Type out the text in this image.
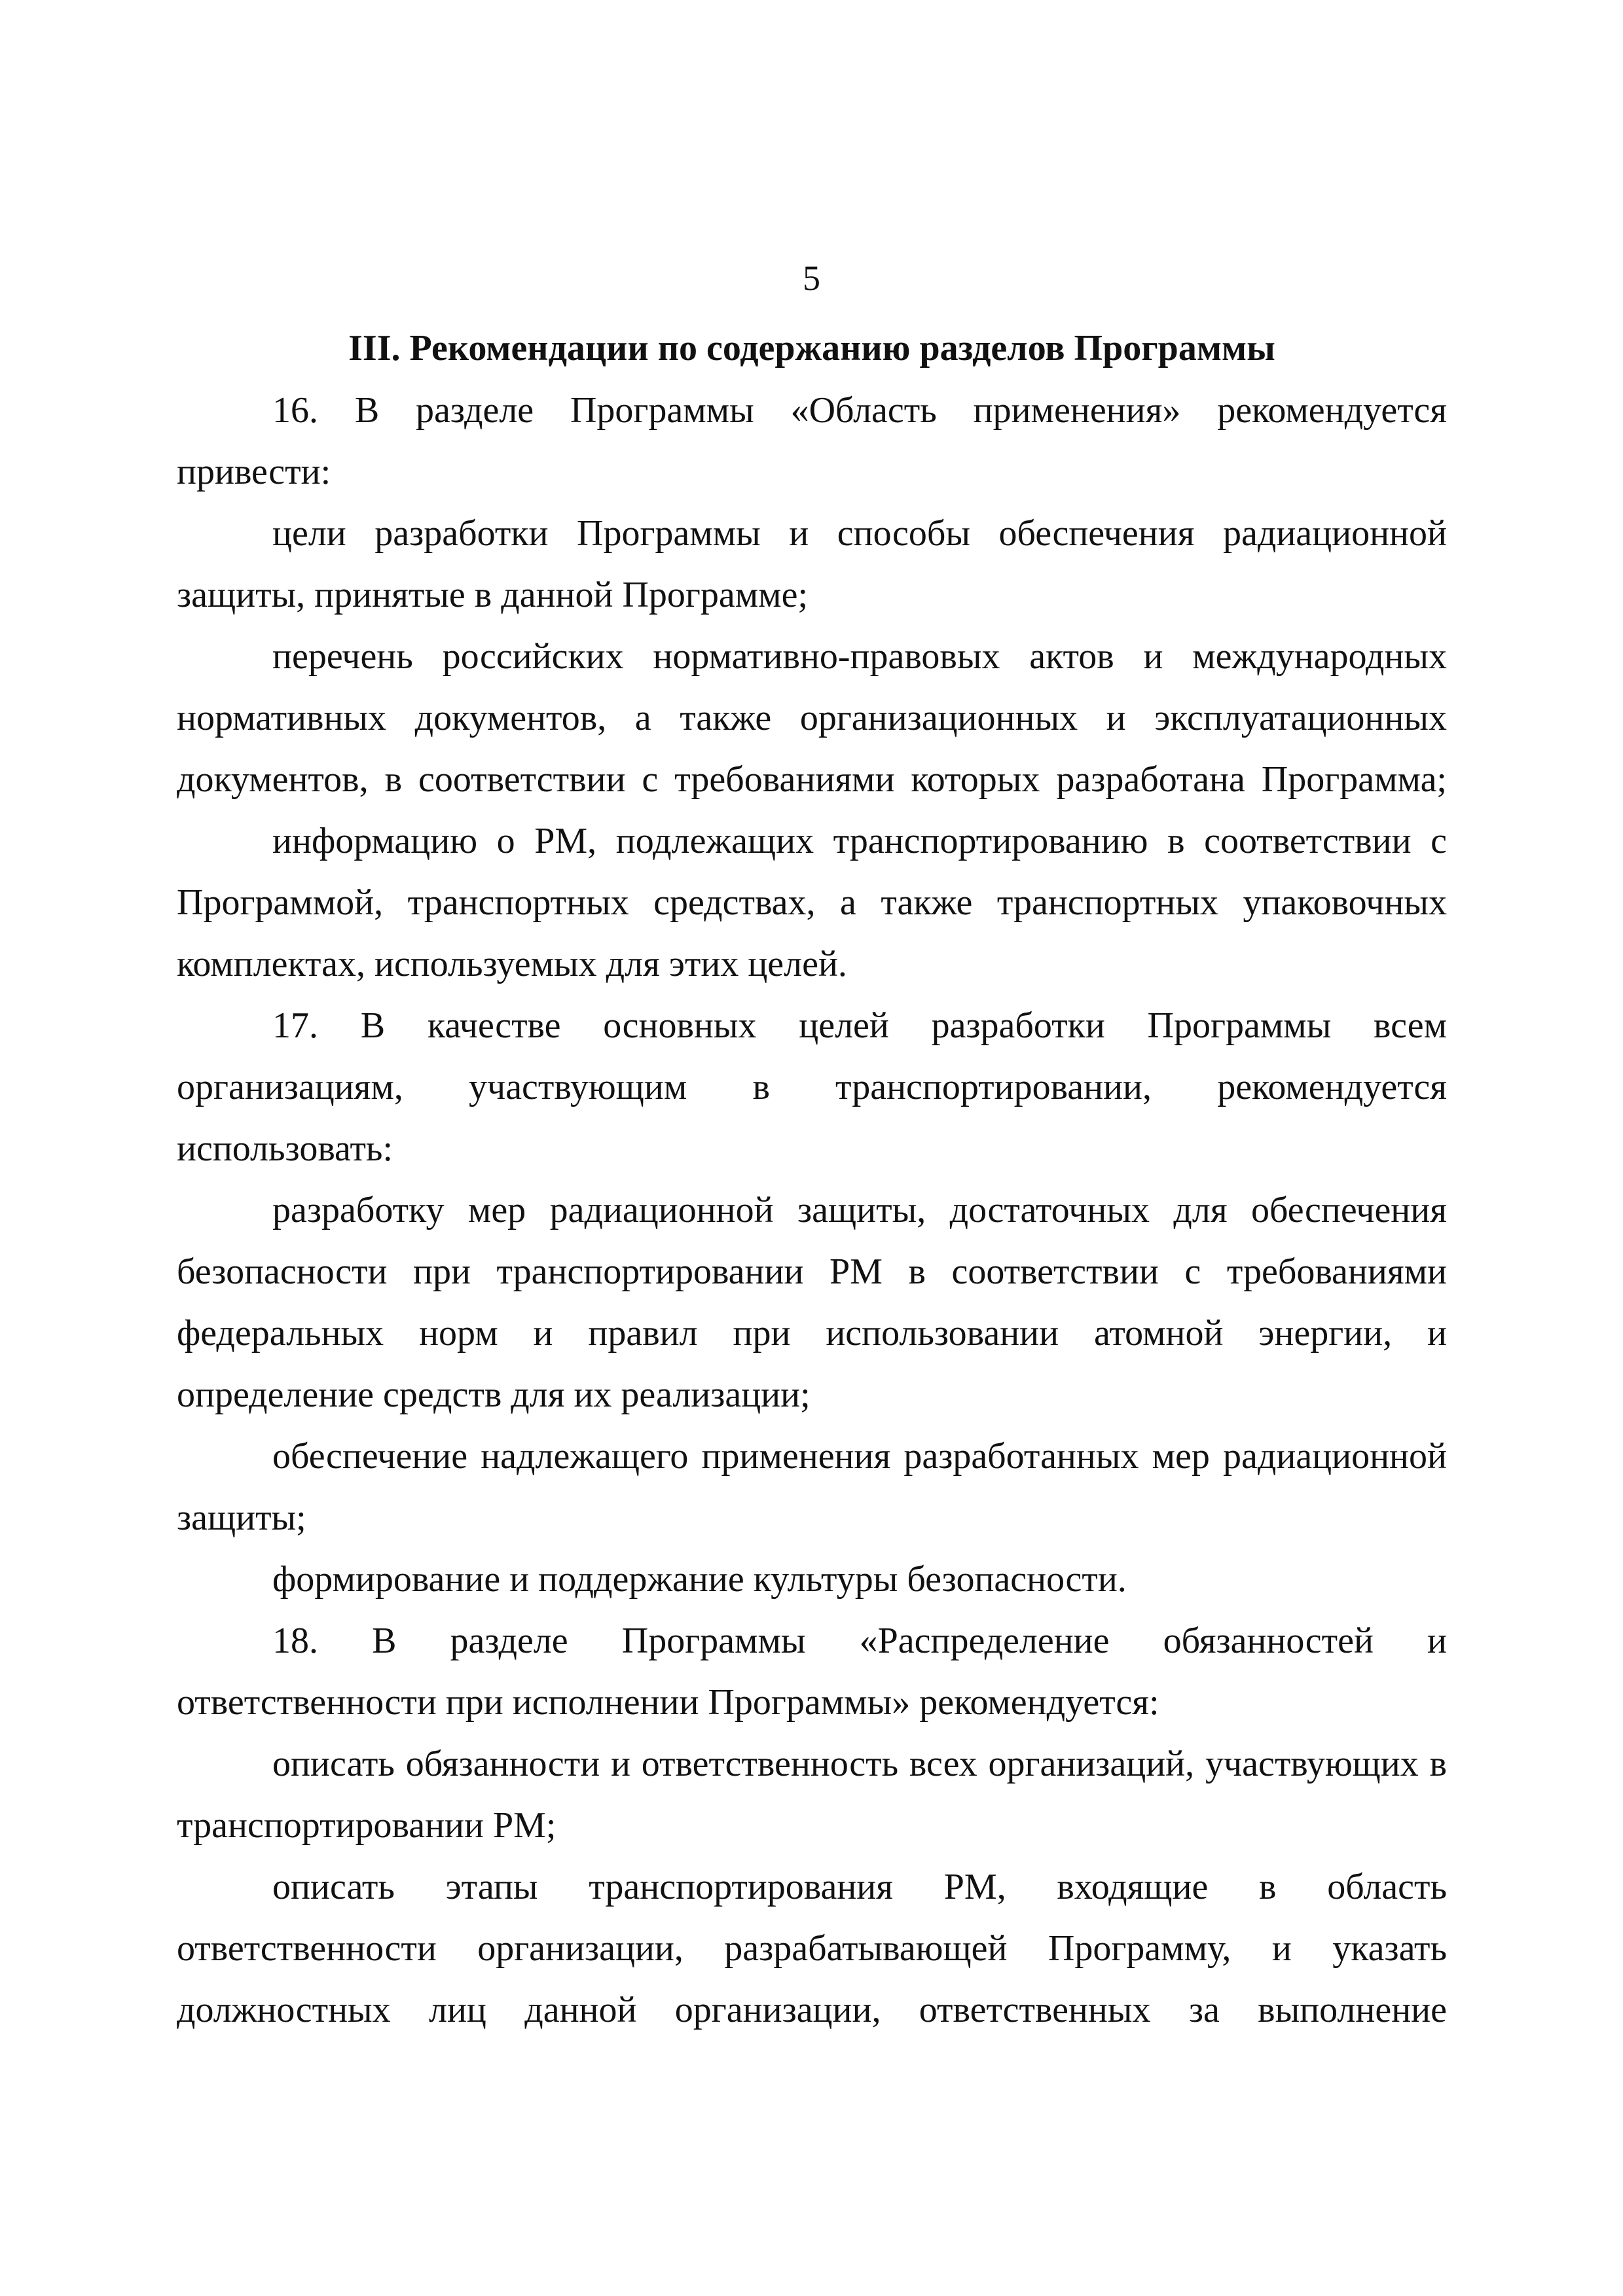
5
III. Рекомендации по содержанию разделов Программы
16. В разделе Программы «Область применения» рекомендуется
привести:
цели разработки Программы и способы обеспечения радиационной
защиты, принятые в данной Программе;
перечень российских нормативно-правовых актов и международных
нормативных документов, а также организационных и эксплуатационных
документов, в соответствии с требованиями которых разработана Программа;
информацию о РМ, подлежащих транспортированию в соответствии с
Программой, транспортных средствах, а также транспортных упаковочных
комплектах, используемых для этих целей.
17. В качестве основных целей разработки Программы всем
организациям, участвующим в транспортировании, рекомендуется
использовать:
разработку мер радиационной защиты, достаточных для обеспечения
безопасности при транспортировании РМ в соответствии с требованиями
федеральных норм и правил при использовании атомной энергии, и
определение средств для их реализации;
обеспечение надлежащего применения разработанных мер радиационной
защиты;
формирование и поддержание культуры безопасности.
18. В разделе Программы «Распределение обязанностей и
ответственности при исполнении Программы» рекомендуется:
описать обязанности и ответственность всех организаций, участвующих в
транспортировании РМ;
описать этапы транспортирования РМ, входящие в область
ответственности организации, разрабатывающей Программу, и указать
должностных лиц данной организации, ответственных за выполнение
